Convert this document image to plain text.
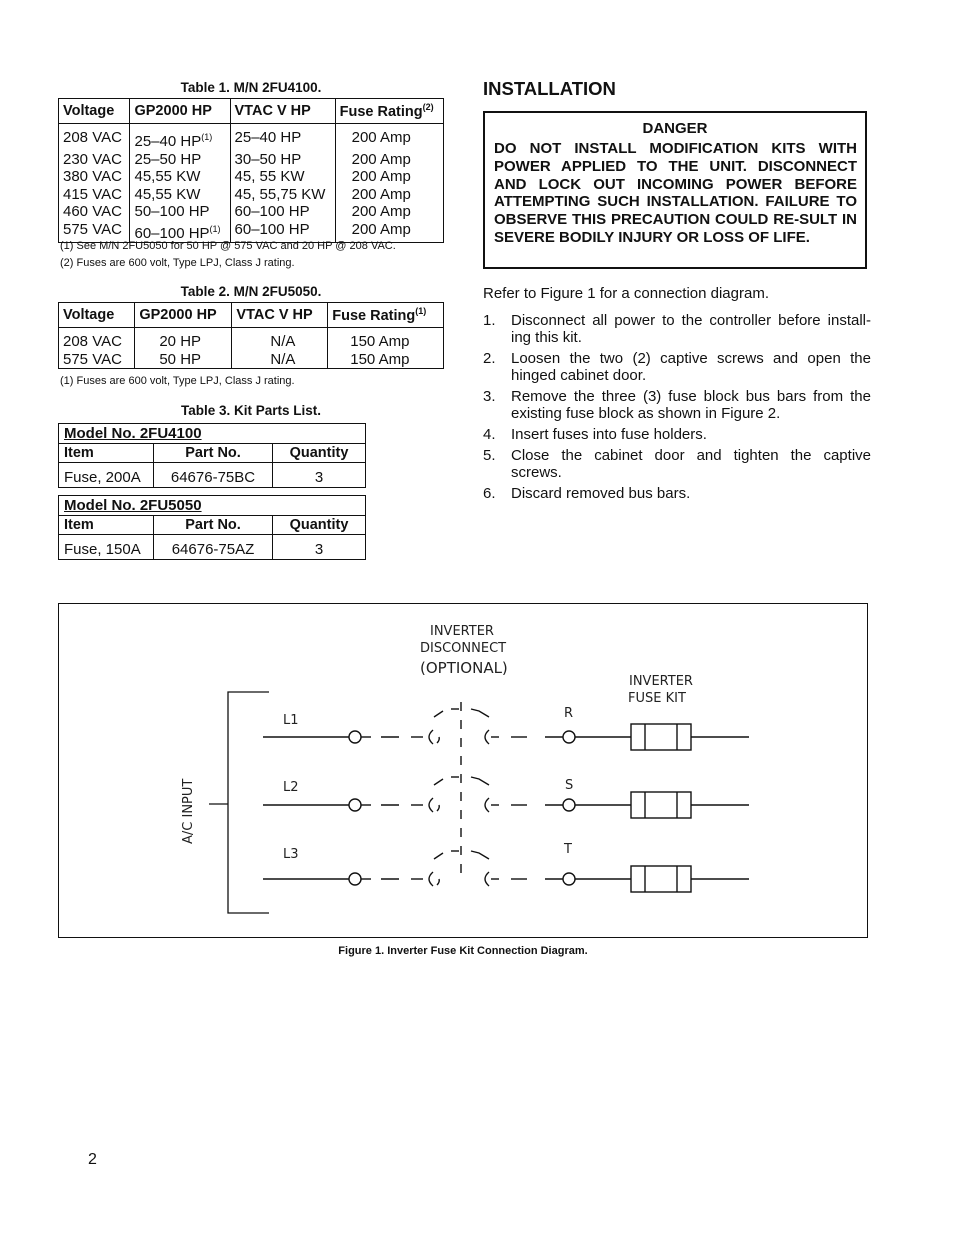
Table 1. M/N 2FU4100.
Voltage	GP2000 HP	VTAC V HP	Fuse Rating$^{(2)}$
208 VAC	25–40 HP$^{(1)}$	25–40 HP	200 Amp
230 VAC	25–50 HP	30–50 HP	200 Amp
380 VAC	45,55 KW	45, 55 KW	200 Amp
415 VAC	45,55 KW	45, 55,75 KW	200 Amp
460 VAC	50–100 HP	60–100 HP	200 Amp
575 VAC	60–100 HP$^{(1)}$	60–100 HP	200 Amp
(1) See M/N 2FU5050 for 50 HP @ 575 VAC and 20 HP @ 208 VAC.
(2) Fuses are 600 volt, Type LPJ, Class J rating.
Table 2. M/N 2FU5050.
Voltage	GP2000 HP	VTAC V HP	Fuse Rating$^{(1)}$
208 VAC	20 HP	N/A	150 Amp
575 VAC	50 HP	N/A	150 Amp
(1) Fuses are 600 volt, Type LPJ, Class J rating.
Table 3. Kit Parts List.
Model No. 2FU4100		
Item	Part No.	Quantity
Fuse, 200A	64676-75BC	3
Model No. 2FU5050		
Item	Part No.	Quantity
Fuse, 150A	64676-75AZ	3
INSTALLATION
DANGER
DO NOT INSTALL MODIFICATION KITS WITH POWER APPLIED TO THE UNIT. DISCONNECT AND LOCK OUT INCOMING POWER BEFORE ATTEMPTING SUCH INSTALLATION. FAILURE TO OBSERVE THIS PRECAUTION COULD RE-SULT IN SEVERE BODILY INJURY OR LOSS OF LIFE.
Refer to Figure 1 for a connection diagram.
1.	Disconnect all power to the controller before install-ing this kit.
2.	Loosen the two (2) captive screws and open the hinged cabinet door.
3.	Remove the three (3) fuse block bus bars from the existing fuse block as shown in Figure 2.
4.	Insert fuses into fuse holders.
5.	Close the cabinet door and tighten the captive screws.
6.	Discard removed bus bars.
INVERTER
DISCONNECT
(OPTIONAL)
INVERTER
FUSE KIT
A/C INPUT
L1
L2
L3
R
S
T
Figure 1. Inverter Fuse Kit Connection Diagram.
2
